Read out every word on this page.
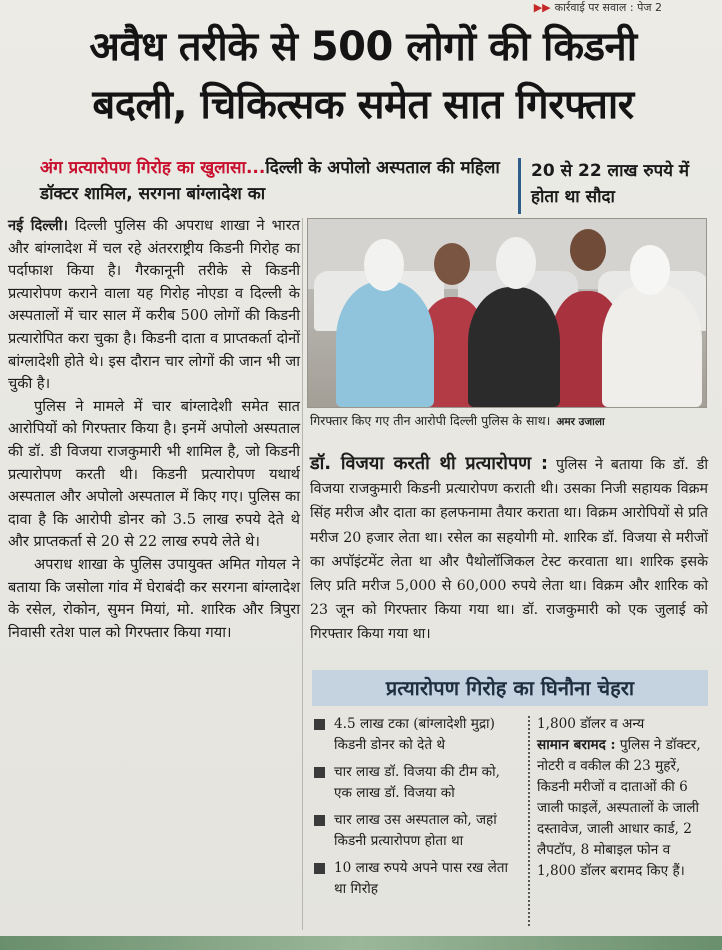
▶▶ कार्रवाई पर सवाल : पेज 2
अवैध तरीके से 500 लोगों की किडनी
बदली, चिकित्सक समेत सात गिरफ्तार
अंग प्रत्यारोपण गिरोह का खुलासा...दिल्ली के अपोलो अस्पताल की महिला डॉक्टर शामिल, सरगना बांग्लादेश का
20 से 22 लाख रुपये में होता था सौदा

नई दिल्ली। दिल्ली पुलिस की अपराध शाखा ने भारत और बांग्लादेश में चल रहे अंतरराष्ट्रीय किडनी गिरोह का पर्दाफाश किया है। गैरकानूनी तरीके से किडनी प्रत्यारोपण कराने वाला यह गिरोह नोएडा व दिल्ली के अस्पतालों में चार साल में करीब 500 लोगों की किडनी प्रत्यारोपित करा चुका है। किडनी दाता व प्राप्तकर्ता दोनों बांग्लादेशी होते थे। इस दौरान चार लोगों की जान भी जा चुकी है।

पुलिस ने मामले में चार बांग्लादेशी समेत सात आरोपियों को गिरफ्तार किया है। इनमें अपोलो अस्पताल की डॉ. डी विजया राजकुमारी भी शामिल है, जो किडनी प्रत्यारोपण करती थी। किडनी प्रत्यारोपण यथार्थ अस्पताल और अपोलो अस्पताल में किए गए। पुलिस का दावा है कि आरोपी डोनर को 3.5 लाख रुपये देते थे और प्राप्तकर्ता से 20 से 22 लाख रुपये लेते थे।

अपराध शाखा के पुलिस उपायुक्त अमित गोयल ने बताया कि जसोला गांव में घेराबंदी कर सरगना बांग्लादेश के रसेल, रोकोन, सुमन मियां, मो. शारिक और त्रिपुरा निवासी रतेश पाल को गिरफ्तार किया गया।

गिरफ्तार किए गए तीन आरोपी दिल्ली पुलिस के साथ। अमर उजाला
डॉ. विजया करती थी प्रत्यारोपण : पुलिस ने बताया कि डॉ. डी विजया राजकुमारी किडनी प्रत्यारोपण कराती थी। उसका निजी सहायक विक्रम सिंह मरीज और दाता का हलफनामा तैयार कराता था। विक्रम आरोपियों से प्रति मरीज 20 हजार लेता था। रसेल का सहयोगी मो. शारिक डॉ. विजया से मरीजों का अपॉइंटमेंट लेता था और पैथोलॉजिकल टेस्ट करवाता था। शारिक इसके लिए प्रति मरीज 5,000 से 60,000 रुपये लेता था। विक्रम और शारिक को 23 जून को गिरफ्तार किया गया था। डॉ. राजकुमारी को एक जुलाई को गिरफ्तार किया गया था।
प्रत्यारोपण गिरोह का घिनौना चेहरा
4.5 लाख टका (बांग्लादेशी मुद्रा) किडनी डोनर को देते थे
चार लाख डॉ. विजया की टीम को, एक लाख डॉ. विजया को
चार लाख उस अस्पताल को, जहां किडनी प्रत्यारोपण होता था
10 लाख रुपये अपने पास रख लेता था गिरोह
1,800 डॉलर व अन्य
सामान बरामद : पुलिस ने डॉक्टर, नोटरी व वकील की 23 मुहरें, किडनी मरीजों व दाताओं की 6 जाली फाइलें, अस्पतालों के जाली दस्तावेज, जाली आधार कार्ड, 2 लैपटॉप, 8 मोबाइल फोन व 1,800 डॉलर बरामद किए हैं।
